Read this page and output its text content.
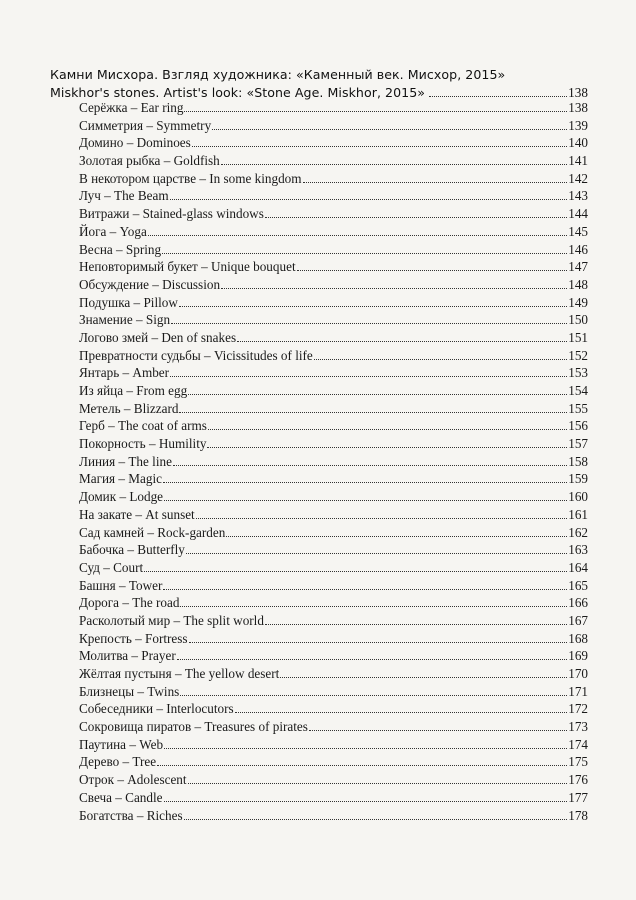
Камни Мисхора. Взгляд художника: «Каменный век. Мисхор, 2015»
Miskhor's stones. Artist's look: «Stone Age. Miskhor, 2015»	138
Серёжка – Ear ring	138
Симметрия – Symmetry	139
Домино – Dominoes	140
Золотая рыбка – Goldfish	141
В некотором царстве – In some kingdom	142
Луч – The Beam	143
Витражи – Stained-glass windows	144
Йога – Yoga	145
Весна – Spring	146
Неповторимый букет – Unique bouquet	147
Обсуждение – Discussion	148
Подушка – Pillow	149
Знамение – Sign	150
Логово змей – Den of snakes	151
Превратности судьбы – Vicissitudes of life	152
Янтарь – Amber	153
Из яйца – From egg	154
Метель – Blizzard	155
Герб – The coat of arms	156
Покорность – Humility	157
Линия – The line	158
Магия – Magic	159
Домик – Lodge	160
На закате – At sunset	161
Сад камней – Rock-garden	162
Бабочка – Butterfly	163
Суд – Court	164
Башня – Tower	165
Дорога – The road	166
Расколотый мир – The split world	167
Крепость – Fortress	168
Молитва – Prayer	169
Жёлтая пустыня – The yellow desert	170
Близнецы – Twins	171
Собеседники – Interlocutors	172
Сокровища пиратов – Treasures of pirates	173
Паутина – Web	174
Дерево – Tree	175
Отрок – Adolescent	176
Свеча – Candle	177
Богатства – Riches	178
